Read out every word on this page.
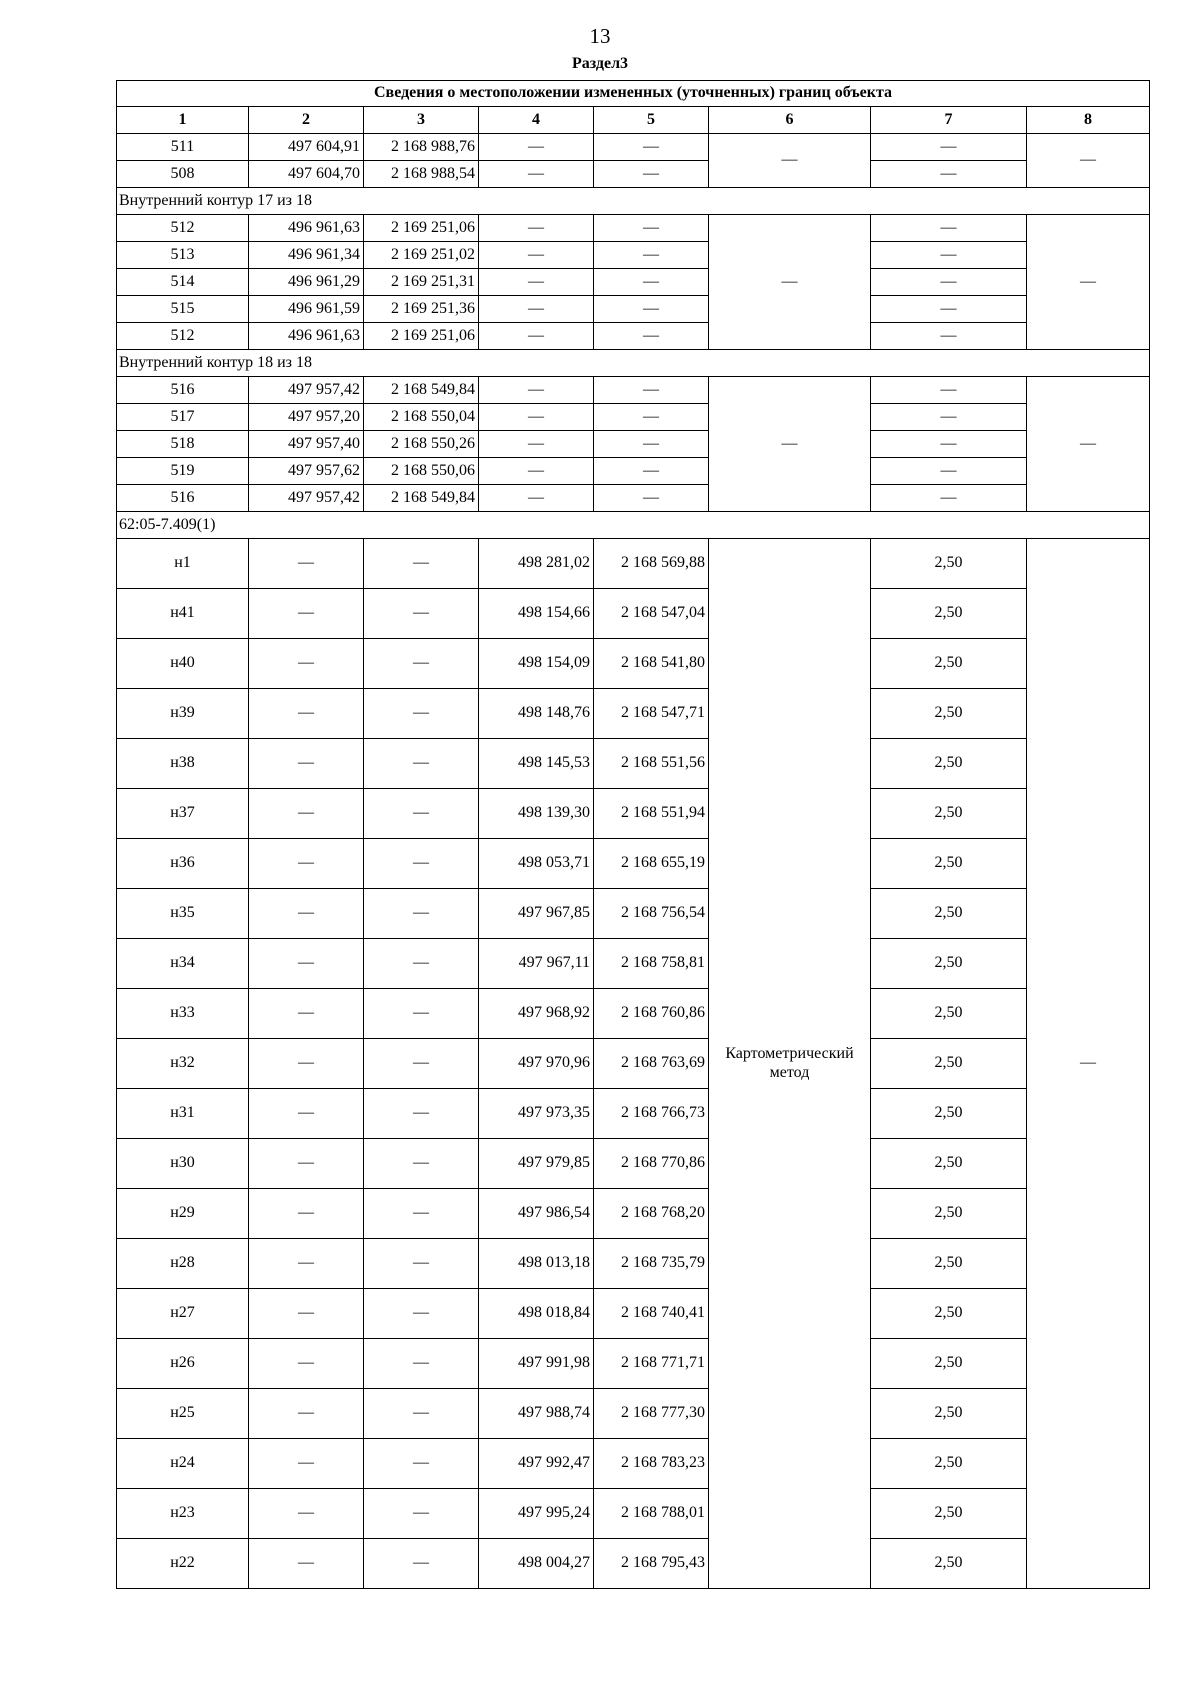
13
Раздел3
Сведения о местоположении измененных (уточненных) границ объекта							
1	2	3	4	5	6	7	8
511	497 604,91	2 168 988,76	—	—	—	—	—
508	497 604,70	2 168 988,54	—	—		—	
Внутренний контур 17 из 18							
512	496 961,63	2 169 251,06	—	—	—	—	—
513	496 961,34	2 169 251,02	—	—		—	
514	496 961,29	2 169 251,31	—	—		—	
515	496 961,59	2 169 251,36	—	—		—	
512	496 961,63	2 169 251,06	—	—		—	
Внутренний контур 18 из 18							
516	497 957,42	2 168 549,84	—	—	—	—	—
517	497 957,20	2 168 550,04	—	—		—	
518	497 957,40	2 168 550,26	—	—		—	
519	497 957,62	2 168 550,06	—	—		—	
516	497 957,42	2 168 549,84	—	—		—	
62:05-7.409(1)							
н1	—	—	498 281,02	2 168 569,88	Картометрический метод	2,50	—
н41	—	—	498 154,66	2 168 547,04		2,50	
н40	—	—	498 154,09	2 168 541,80		2,50	
н39	—	—	498 148,76	2 168 547,71		2,50	
н38	—	—	498 145,53	2 168 551,56		2,50	
н37	—	—	498 139,30	2 168 551,94		2,50	
н36	—	—	498 053,71	2 168 655,19		2,50	
н35	—	—	497 967,85	2 168 756,54		2,50	
н34	—	—	497 967,11	2 168 758,81		2,50	
н33	—	—	497 968,92	2 168 760,86		2,50	
н32	—	—	497 970,96	2 168 763,69		2,50	
н31	—	—	497 973,35	2 168 766,73		2,50	
н30	—	—	497 979,85	2 168 770,86		2,50	
н29	—	—	497 986,54	2 168 768,20		2,50	
н28	—	—	498 013,18	2 168 735,79		2,50	
н27	—	—	498 018,84	2 168 740,41		2,50	
н26	—	—	497 991,98	2 168 771,71		2,50	
н25	—	—	497 988,74	2 168 777,30		2,50	
н24	—	—	497 992,47	2 168 783,23		2,50	
н23	—	—	497 995,24	2 168 788,01		2,50	
н22	—	—	498 004,27	2 168 795,43		2,50	
